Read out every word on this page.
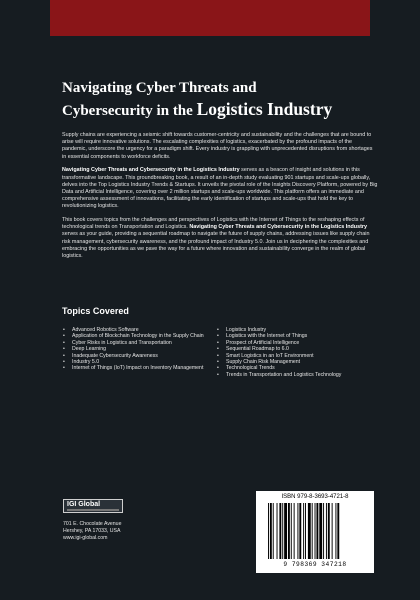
Navigating Cyber Threats and
Cybersecurity in the Logistics Industry

Supply chains are experiencing a seismic shift towards customer-centricity and sustainability and the challenges that are bound to arise will require innovative solutions. The escalating complexities of logistics, exacerbated by the profound impacts of the pandemic, underscore the urgency for a paradigm shift. Every industry is grappling with unprecedented disruptions from shortages in essential components to workforce deficits.

Navigating Cyber Threats and Cybersecurity in the Logistics Industry serves as a beacon of insight and solutions in this transformative landscape. This groundbreaking book, a result of an in-depth study evaluating 901 startups and scale-ups globally, delves into the Top Logistics Industry Trends & Startups. It unveils the pivotal role of the Insights Discovery Platform, powered by Big Data and Artificial Intelligence, covering over 2 million startups and scale-ups worldwide. This platform offers an immediate and comprehensive assessment of innovations, facilitating the early identification of startups and scale-ups that hold the key to revolutionizing logistics.

This book covers topics from the challenges and perspectives of Logistics with the Internet of Things to the reshaping effects of technological trends on Transportation and Logistics. Navigating Cyber Threats and Cybersecurity in the Logistics Industry serves as your guide, providing a sequential roadmap to navigate the future of supply chains, addressing issues like supply chain risk management, cybersecurity awareness, and the profound impact of Industry 5.0. Join us in deciphering the complexities and embracing the opportunities as we pave the way for a future where innovation and sustainability converge in the realm of global logistics.

Topics Covered
• Advanced Robotics Software
• Application of Blockchain Technology in the Supply Chain
• Cyber Risks in Logistics and Transportation
• Deep Learning
• Inadequate Cybersecurity Awareness
• Industry 5.0
• Internet of Things (IoT) Impact on Inventory Management
• Logistics Industry
• Logistics with the Internet of Things
• Prospect of Artificial Intelligence
• Sequential Roadmap to 6.0
• Smart Logistics in an IoT Environment
• Supply Chain Risk Management
• Technological Trends
• Trends in Transportation and Logistics Technology
IGI Global
701 E. Chocolate Avenue
Hershey, PA 17033, USA
www.igi-global.com
ISBN 979-8-3693-4721-8
9 798369 347218
